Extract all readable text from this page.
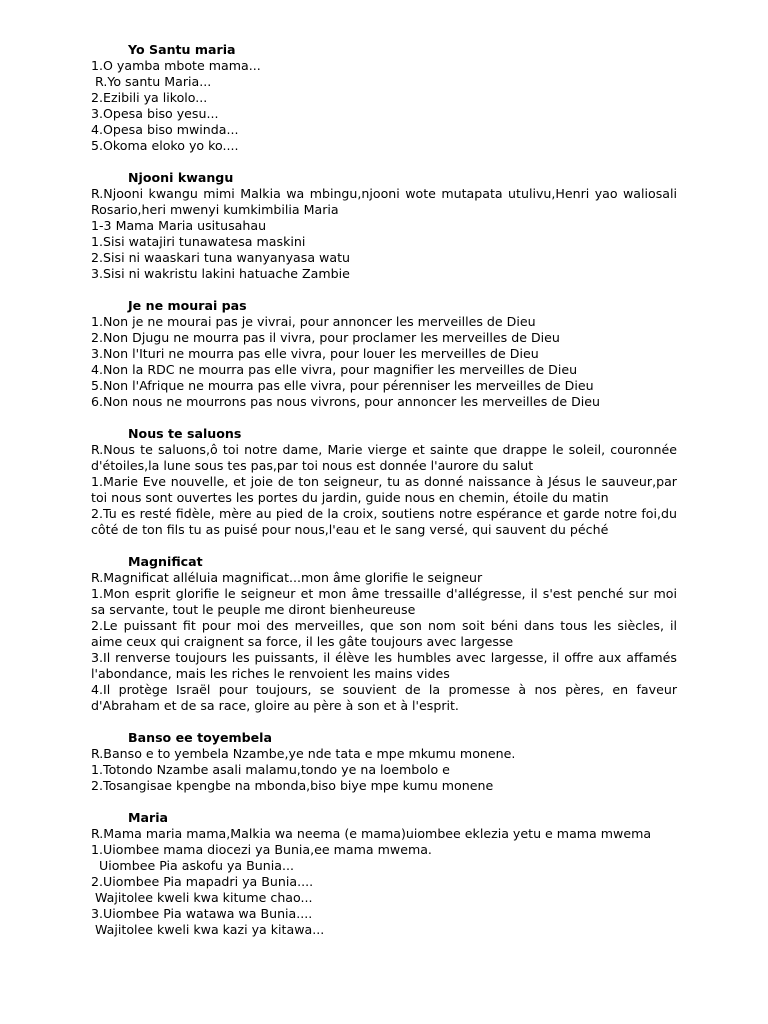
Yo Santu maria
1.O yamba mbote mama...
R.Yo santu Maria...
2.Ezibili ya likolo...
3.Opesa biso yesu...
4.Opesa biso mwinda...
5.Okoma eloko yo ko....
Njooni kwangu
R.Njooni kwangu mimi Malkia wa mbingu,njooni wote mutapata utulivu,Henri yao waliosali Rosario,heri mwenyi kumkimbilia Maria
1-3 Mama Maria usitusahau
1.Sisi watajiri tunawatesa maskini
2.Sisi ni waaskari tuna wanyanyasa watu
3.Sisi ni wakristu lakini hatuache Zambie
Je ne mourai pas
1.Non je ne mourai pas je vivrai, pour annoncer les merveilles de Dieu
2.Non Djugu ne mourra pas il vivra, pour proclamer les merveilles de Dieu
3.Non l'Ituri ne mourra pas elle vivra, pour louer les merveilles de Dieu
4.Non la RDC ne mourra pas elle vivra, pour magnifier les merveilles de Dieu
5.Non l'Afrique ne mourra pas elle vivra, pour pérenniser les merveilles de Dieu
6.Non nous ne mourrons pas nous vivrons, pour annoncer les merveilles de Dieu
Nous te saluons
R.Nous te saluons,ô toi notre dame, Marie vierge et sainte que drappe le soleil, couronnée d'étoiles,la lune sous tes pas,par toi nous est donnée l'aurore du salut
1.Marie Eve nouvelle, et joie de ton seigneur, tu as donné naissance à Jésus le sauveur,par toi nous sont ouvertes les portes du jardin, guide nous en chemin, étoile du matin
2.Tu es resté fidèle, mère au pied de la croix, soutiens notre espérance et garde notre foi,du côté de ton fils tu as puisé pour nous,l'eau et le sang versé, qui sauvent du péché
Magnificat
R.Magnificat alléluia magnificat...mon âme glorifie le seigneur
1.Mon esprit glorifie le seigneur et mon âme tressaille d'allégresse, il s'est penché sur moi sa servante, tout le peuple me diront bienheureuse
2.Le puissant fit pour moi des merveilles, que son nom soit béni dans tous les siècles, il aime ceux qui craignent sa force, il les gâte toujours avec largesse
3.Il renverse toujours les puissants, il élève les humbles avec largesse, il offre aux affamés l'abondance, mais les riches le renvoient les mains vides
4.Il protège Israël pour toujours, se souvient de la promesse à nos pères, en faveur d'Abraham et de sa race, gloire au père à son et à l'esprit.
Banso ee toyembela
R.Banso e to yembela Nzambe,ye nde tata e mpe mkumu monene.
1.Totondo Nzambe asali malamu,tondo ye na loembolo e
2.Tosangisae kpengbe na mbonda,biso biye mpe kumu monene
Maria
R.Mama maria mama,Malkia wa neema (e mama)uiombee eklezia yetu e mama mwema
1.Uiombee mama diocezi ya Bunia,ee mama mwema.
Uiombee Pia askofu ya Bunia...
2.Uiombee Pia mapadri ya Bunia....
Wajitolee kweli kwa kitume chao...
3.Uiombee Pia watawa wa Bunia....
Wajitolee kweli kwa kazi ya kitawa...
